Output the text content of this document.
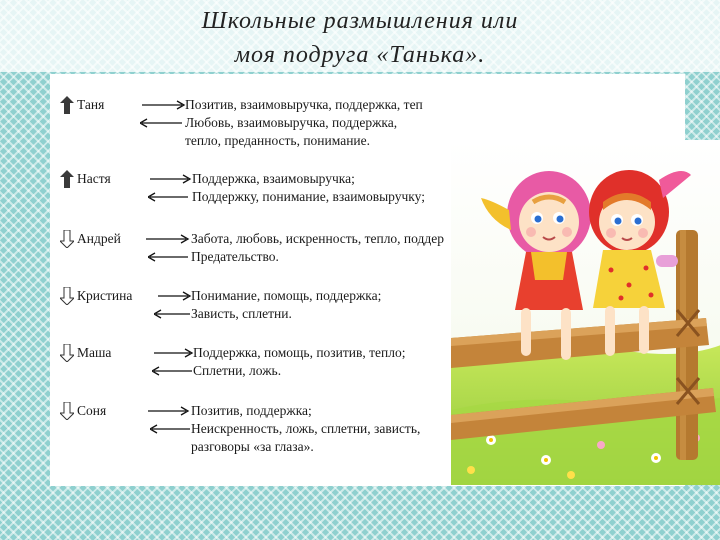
Школьные размышления или
моя подруга «Танька».
Таня	Позитив, взаимовыручка, поддержка, теп
Любовь, взаимовыручка, поддержка,
тепло, преданность, понимание.
Настя	Поддержка, взаимовыручка;
Поддержку, понимание, взаимовыручку;
Андрей	Забота, любовь, искренность, тепло, поддер
Предательство.
Кристина	Понимание, помощь, поддержка;
Зависть, сплетни.
Маша	Поддержка, помощь, позитив, тепло;
Сплетни, ложь.
Соня	Позитив, поддержка;
Неискренность, ложь, сплетни, зависть,
разговоры «за глаза».
